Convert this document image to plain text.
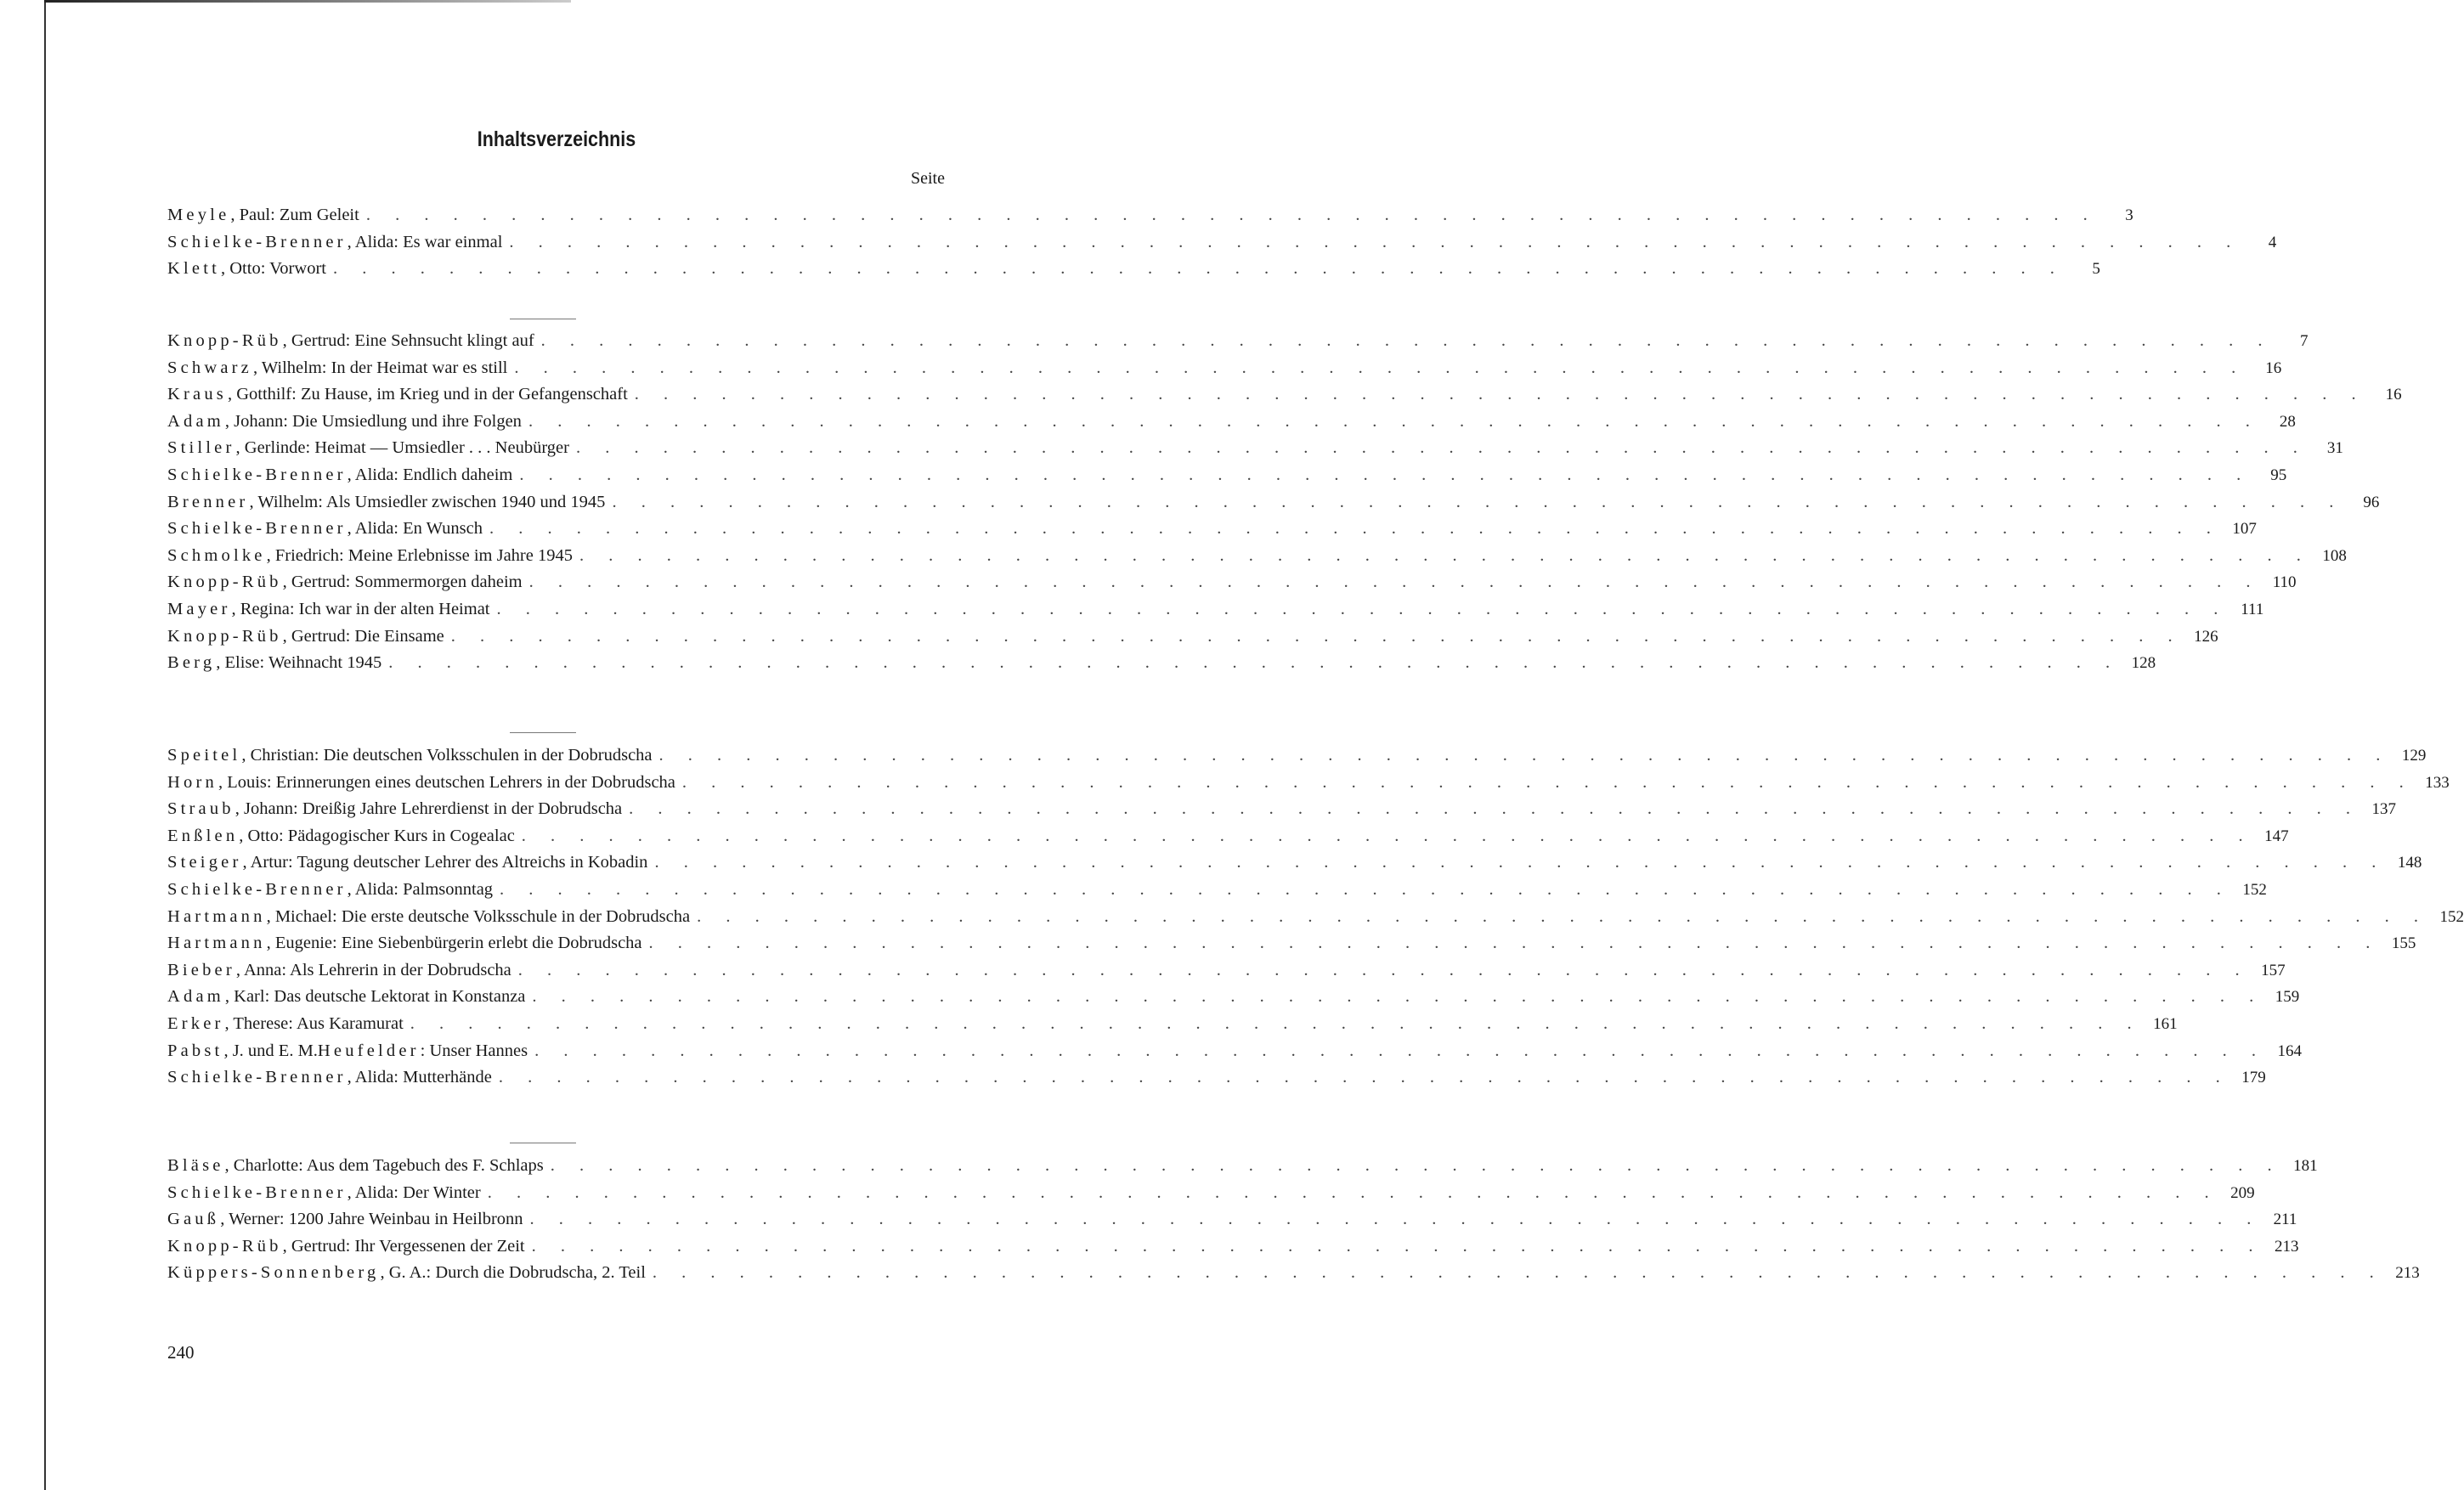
Inhaltsverzeichnis
Seite
Meyle , Paul: Zum Geleit . . . . . . . . . . . . . . . . . . . . . . . . . . . . . . . . . . . . . . . . . . . . . . . . . . . . . . . . . . . .	3
Schielke-Brenner , Alida: Es war einmal . . . . . . . . . . . . . . . . . . . . . . . . . . . . . . . . . . . . . . . . . . . . . . . . . . . . . . . . . . . .	4
Klett , Otto: Vorwort . . . . . . . . . . . . . . . . . . . . . . . . . . . . . . . . . . . . . . . . . . . . . . . . . . . . . . . . . . . .	5
Knopp-Rüb , Gertrud: Eine Sehnsucht klingt auf . . . . . . . . . . . . . . . . . . . . . . . . . . . . . . . . . . . . . . . . . . . . . . . . . . . . . . . . . . . .	7
Schwarz , Wilhelm: In der Heimat war es still . . . . . . . . . . . . . . . . . . . . . . . . . . . . . . . . . . . . . . . . . . . . . . . . . . . . . . . . . . . .	16
Kraus , Gotthilf: Zu Hause, im Krieg und in der Gefangenschaft . . . . . . . . . . . . . . . . . . . . . . . . . . . . . . . . . . . . . . . . . . . . . . . . . . . . . . . . . . . .	16
Adam , Johann: Die Umsiedlung und ihre Folgen . . . . . . . . . . . . . . . . . . . . . . . . . . . . . . . . . . . . . . . . . . . . . . . . . . . . . . . . . . . .	28
Stiller , Gerlinde: Heimat — Umsiedler . . . Neubürger . . . . . . . . . . . . . . . . . . . . . . . . . . . . . . . . . . . . . . . . . . . . . . . . . . . . . . . . . . . .	31
Schielke-Brenner , Alida: Endlich daheim . . . . . . . . . . . . . . . . . . . . . . . . . . . . . . . . . . . . . . . . . . . . . . . . . . . . . . . . . . . .	95
Brenner , Wilhelm: Als Umsiedler zwischen 1940 und 1945 . . . . . . . . . . . . . . . . . . . . . . . . . . . . . . . . . . . . . . . . . . . . . . . . . . . . . . . . . . . .	96
Schielke-Brenner , Alida: En Wunsch . . . . . . . . . . . . . . . . . . . . . . . . . . . . . . . . . . . . . . . . . . . . . . . . . . . . . . . . . . . . 107
Schmolke , Friedrich: Meine Erlebnisse im Jahre 1945 . . . . . . . . . . . . . . . . . . . . . . . . . . . . . . . . . . . . . . . . . . . . . . . . . . . . . . . . . . . . 108
Knopp-Rüb , Gertrud: Sommermorgen daheim . . . . . . . . . . . . . . . . . . . . . . . . . . . . . . . . . . . . . . . . . . . . . . . . . . . . . . . . . . . . 110
Mayer , Regina: Ich war in der alten Heimat . . . . . . . . . . . . . . . . . . . . . . . . . . . . . . . . . . . . . . . . . . . . . . . . . . . . . . . . . . . . 111
Knopp-Rüb , Gertrud: Die Einsame . . . . . . . . . . . . . . . . . . . . . . . . . . . . . . . . . . . . . . . . . . . . . . . . . . . . . . . . . . . . 126
Berg , Elise: Weihnacht 1945 . . . . . . . . . . . . . . . . . . . . . . . . . . . . . . . . . . . . . . . . . . . . . . . . . . . . . . . . . . . . 128
Speitel , Christian: Die deutschen Volksschulen in der Dobrudscha . . . . . . . . . . . . . . . . . . . . . . . . . . . . . . . . . . . . . . . . . . . . . . . . . . . . . . . . . . . . 129
Horn , Louis: Erinnerungen eines deutschen Lehrers in der Dobrudscha . . . . . . . . . . . . . . . . . . . . . . . . . . . . . . . . . . . . . . . . . . . . . . . . . . . . . . . . . . . . 133
Straub , Johann: Dreißig Jahre Lehrerdienst in der Dobrudscha . . . . . . . . . . . . . . . . . . . . . . . . . . . . . . . . . . . . . . . . . . . . . . . . . . . . . . . . . . . . 137
Enßlen , Otto: Pädagogischer Kurs in Cogealac . . . . . . . . . . . . . . . . . . . . . . . . . . . . . . . . . . . . . . . . . . . . . . . . . . . . . . . . . . . . 147
Steiger , Artur: Tagung deutscher Lehrer des Altreichs in Kobadin . . . . . . . . . . . . . . . . . . . . . . . . . . . . . . . . . . . . . . . . . . . . . . . . . . . . . . . . . . . . 148
Schielke-Brenner , Alida: Palmsonntag . . . . . . . . . . . . . . . . . . . . . . . . . . . . . . . . . . . . . . . . . . . . . . . . . . . . . . . . . . . . 152
Hartmann , Michael: Die erste deutsche Volksschule in der Dobrudscha . . . . . . . . . . . . . . . . . . . . . . . . . . . . . . . . . . . . . . . . . . . . . . . . . . . . . . . . . . . . 152
Hartmann , Eugenie: Eine Siebenbürgerin erlebt die Dobrudscha . . . . . . . . . . . . . . . . . . . . . . . . . . . . . . . . . . . . . . . . . . . . . . . . . . . . . . . . . . . . 155
Bieber , Anna: Als Lehrerin in der Dobrudscha . . . . . . . . . . . . . . . . . . . . . . . . . . . . . . . . . . . . . . . . . . . . . . . . . . . . . . . . . . . . 157
Adam , Karl: Das deutsche Lektorat in Konstanza . . . . . . . . . . . . . . . . . . . . . . . . . . . . . . . . . . . . . . . . . . . . . . . . . . . . . . . . . . . . 159
Erker , Therese: Aus Karamurat . . . . . . . . . . . . . . . . . . . . . . . . . . . . . . . . . . . . . . . . . . . . . . . . . . . . . . . . . . . . 161
Pabst , J. und E. M. Heufelder : Unser Hannes . . . . . . . . . . . . . . . . . . . . . . . . . . . . . . . . . . . . . . . . . . . . . . . . . . . . . . . . . . . . 164
Schielke-Brenner , Alida: Mutterhände . . . . . . . . . . . . . . . . . . . . . . . . . . . . . . . . . . . . . . . . . . . . . . . . . . . . . . . . . . . . 179
Bläse , Charlotte: Aus dem Tagebuch des F. Schlaps . . . . . . . . . . . . . . . . . . . . . . . . . . . . . . . . . . . . . . . . . . . . . . . . . . . . . . . . . . . . 181
Schielke-Brenner , Alida: Der Winter . . . . . . . . . . . . . . . . . . . . . . . . . . . . . . . . . . . . . . . . . . . . . . . . . . . . . . . . . . . . 209
Gauß , Werner: 1200 Jahre Weinbau in Heilbronn . . . . . . . . . . . . . . . . . . . . . . . . . . . . . . . . . . . . . . . . . . . . . . . . . . . . . . . . . . . . 211
Knopp-Rüb , Gertrud: Ihr Vergessenen der Zeit . . . . . . . . . . . . . . . . . . . . . . . . . . . . . . . . . . . . . . . . . . . . . . . . . . . . . . . . . . . . 213
Küppers-Sonnenberg , G. A.: Durch die Dobrudscha, 2. Teil . . . . . . . . . . . . . . . . . . . . . . . . . . . . . . . . . . . . . . . . . . . . . . . . . . . . . . . . . . . . 213
240
